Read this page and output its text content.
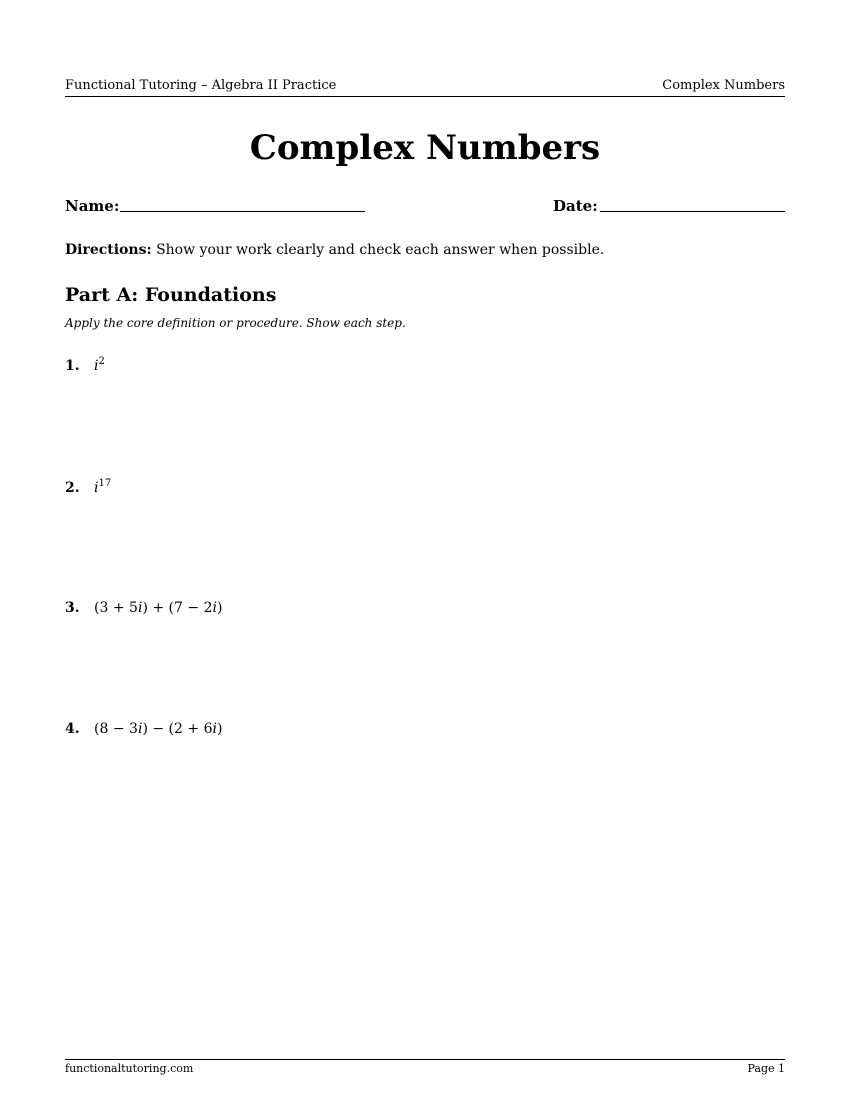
Functional Tutoring – Algebra II Practice	Complex Numbers
Complex Numbers
Name:	Date:
Directions: Show your work clearly and check each answer when possible.
Part A: Foundations
Apply the core definition or procedure. Show each step.
1. $i^2$
2. $i^{17}$
3. (3 + 5i) + (7 − 2i)
4. (8 − 3i) − (2 + 6i)
functionaltutoring.com	Page 1
